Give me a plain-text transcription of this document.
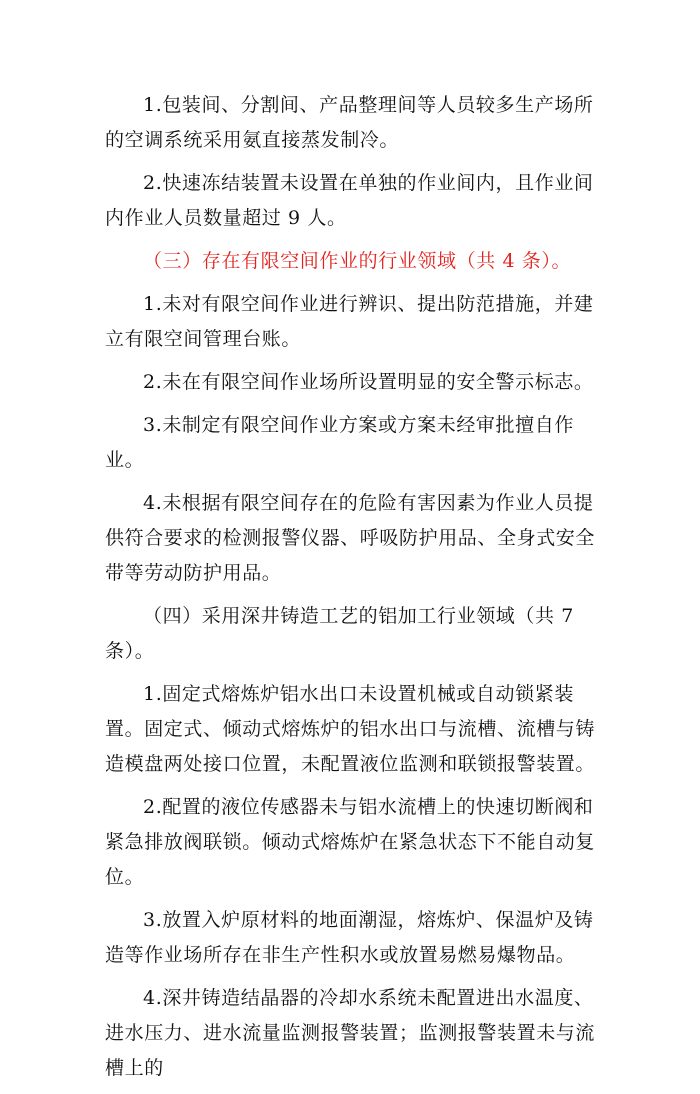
1.包装间、分割间、产品整理间等人员较多生产场所的空调系统采用氨直接蒸发制冷。

2.快速冻结装置未设置在单独的作业间内，且作业间内作业人员数量超过 9 人。

（三）存在有限空间作业的行业领域（共 4 条）。

1.未对有限空间作业进行辨识、提出防范措施，并建立有限空间管理台账。

2.未在有限空间作业场所设置明显的安全警示标志。

3.未制定有限空间作业方案或方案未经审批擅自作业。

4.未根据有限空间存在的危险有害因素为作业人员提供符合要求的检测报警仪器、呼吸防护用品、全身式安全带等劳动防护用品。

（四）采用深井铸造工艺的铝加工行业领域（共 7 条）。

1.固定式熔炼炉铝水出口未设置机械或自动锁紧装置。固定式、倾动式熔炼炉的铝水出口与流槽、流槽与铸造模盘两处接口位置，未配置液位监测和联锁报警装置。

2.配置的液位传感器未与铝水流槽上的快速切断阀和紧急排放阀联锁。倾动式熔炼炉在紧急状态下不能自动复位。

3.放置入炉原材料的地面潮湿，熔炼炉、保温炉及铸造等作业场所存在非生产性积水或放置易燃易爆物品。

4.深井铸造结晶器的冷却水系统未配置进出水温度、进水压力、进水流量监测报警装置；监测报警装置未与流槽上的
